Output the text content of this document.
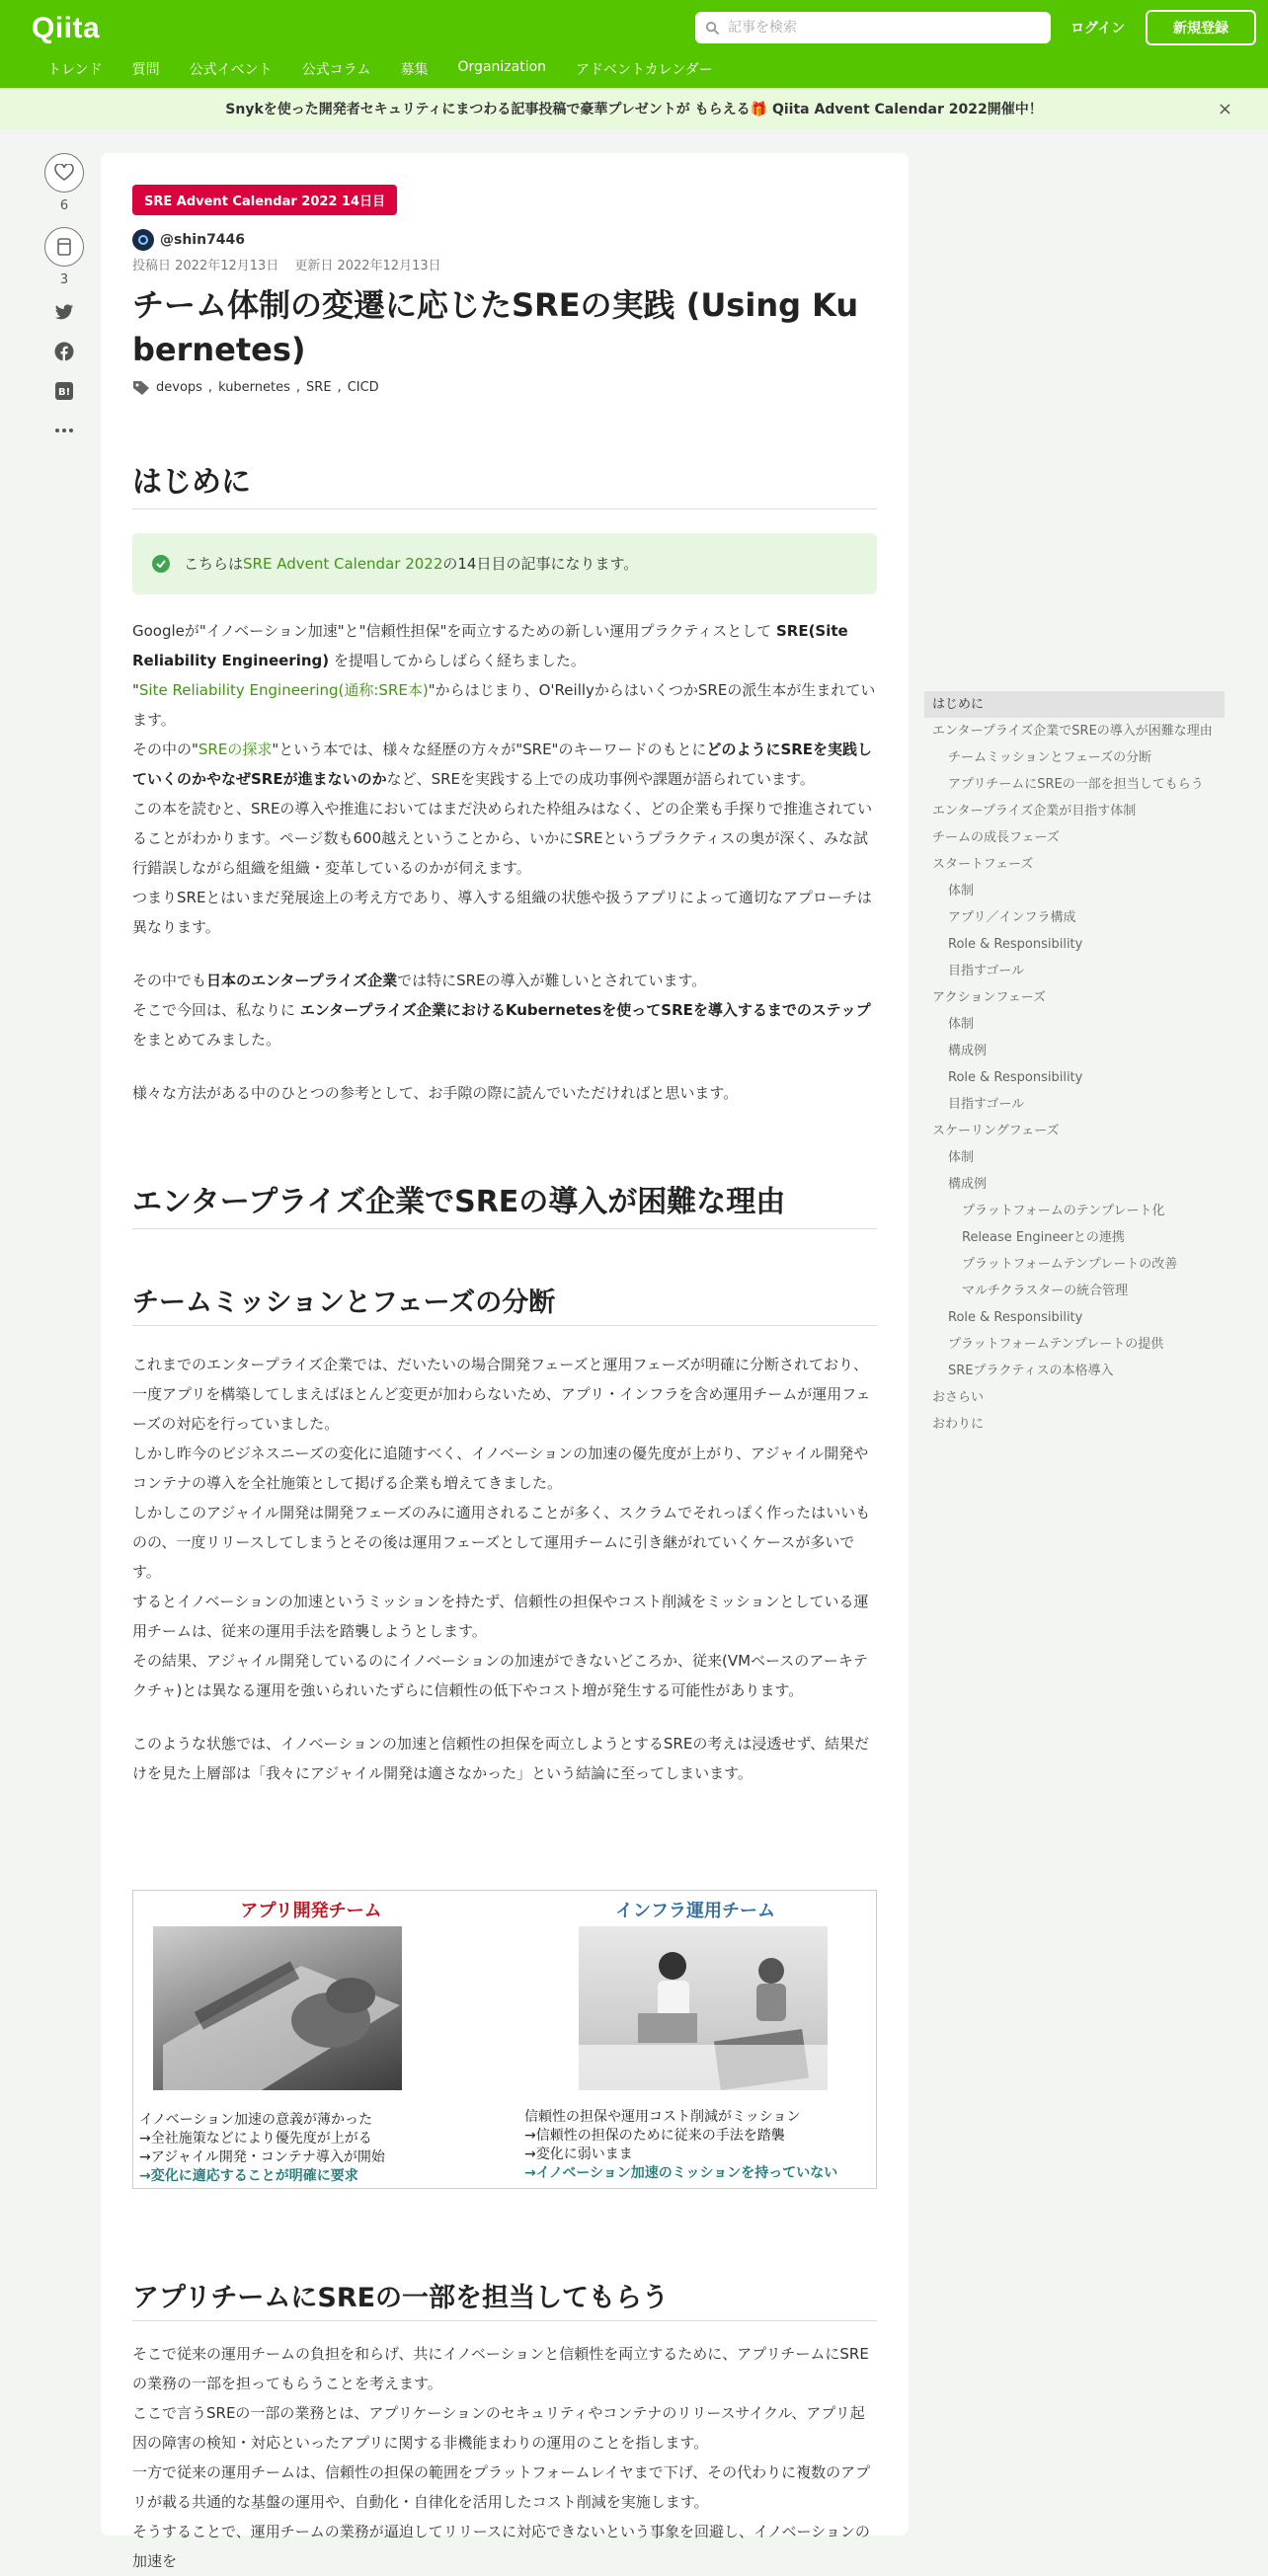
Qiita
記事を検索	ログイン	新規登録
トレンド 質問 公式イベント 公式コラム 募集 Organization アドベントカレンダー
Snykを使った開発者セキュリティにまつわる記事投稿で豪華プレゼントが もらえる🎁 Qiita Advent Calendar 2022開催中！	×
6
3
B!
SRE Advent Calendar 2022 14日目
@shin7446
投稿日 2022年12月13日 更新日 2022年12月13日
チーム体制の変遷に応じたSREの実践 (Using Kubernetes)
devops , kubernetes , SRE , CICD
はじめに
こちらはSRE Advent Calendar 2022の14日目の記事になります。

Googleが"イノベーション加速"と"信頼性担保"を両立するための新しい運用プラクティスとして SRE(Site Reliability Engineering) を提唱してからしばらく経ちました。

"Site Reliability Engineering(通称:SRE本)"からはじまり、O'ReillyからはいくつかSREの派生本が生まれています。

その中の"SREの探求"という本では、様々な経歴の方々が"SRE"のキーワードのもとにどのようにSREを実践していくのかやなぜSREが進まないのかなど、SREを実践する上での成功事例や課題が語られています。

この本を読むと、SREの導入や推進においてはまだ決められた枠組みはなく、どの企業も手探りで推進されていることがわかります。ページ数も600越えということから、いかにSREというプラクティスの奥が深く、みな試行錯誤しながら組織を組織・変革しているのかが伺えます。

つまりSREとはいまだ発展途上の考え方であり、導入する組織の状態や扱うアプリによって適切なアプローチは異なります。

その中でも日本のエンタープライズ企業では特にSREの導入が難しいとされています。

そこで今回は、私なりに エンタープライズ企業におけるKubernetesを使ってSREを導入するまでのステップ をまとめてみました。

様々な方法がある中のひとつの参考として、お手隙の際に読んでいただければと思います。

エンタープライズ企業でSREの導入が困難な理由
チームミッションとフェーズの分断

これまでのエンタープライズ企業では、だいたいの場合開発フェーズと運用フェーズが明確に分断されており、一度アプリを構築してしまえばほとんど変更が加わらないため、アプリ・インフラを含め運用チームが運用フェーズの対応を行っていました。

しかし昨今のビジネスニーズの変化に追随すべく、イノベーションの加速の優先度が上がり、アジャイル開発やコンテナの導入を全社施策として掲げる企業も増えてきました。

しかしこのアジャイル開発は開発フェーズのみに適用されることが多く、スクラムでそれっぽく作ったはいいものの、一度リリースしてしまうとその後は運用フェーズとして運用チームに引き継がれていくケースが多いです。

するとイノベーションの加速というミッションを持たず、信頼性の担保やコスト削減をミッションとしている運用チームは、従来の運用手法を踏襲しようとします。

その結果、アジャイル開発しているのにイノベーションの加速ができないどころか、従来(VMベースのアーキテクチャ)とは異なる運用を強いられいたずらに信頼性の低下やコスト増が発生する可能性があります。

このような状態では、イノベーションの加速と信頼性の担保を両立しようとするSREの考えは浸透せず、結果だけを見た上層部は「我々にアジャイル開発は適さなかった」という結論に至ってしまいます。

アプリ開発チーム
イノベーション加速の意義が薄かった
→全社施策などにより優先度が上がる
→アジャイル開発・コンテナ導入が開始
→変化に適応することが明確に要求
インフラ運用チーム
信頼性の担保や運用コスト削減がミッション
→信頼性の担保のために従来の手法を踏襲
→変化に弱いまま
→イノベーション加速のミッションを持っていない
アプリチームにSREの一部を担当してもらう

そこで従来の運用チームの負担を和らげ、共にイノベーションと信頼性を両立するために、アプリチームにSREの業務の一部を担ってもらうことを考えます。

ここで言うSREの一部の業務とは、アプリケーションのセキュリティやコンテナのリリースサイクル、アプリ起因の障害の検知・対応といったアプリに関する非機能まわりの運用のことを指します。

一方で従来の運用チームは、信頼性の担保の範囲をプラットフォームレイヤまで下げ、その代わりに複数のアプリが載る共通的な基盤の運用や、自動化・自律化を活用したコスト削減を実施します。

そうすることで、運用チームの業務が逼迫してリリースに対応できないという事象を回避し、イノベーションの加速を

はじめに
エンタープライズ企業でSREの導入が困難な理由
チームミッションとフェーズの分断
アプリチームにSREの一部を担当してもらう
エンタープライズ企業が目指す体制
チームの成長フェーズ
スタートフェーズ
体制
アプリ／インフラ構成
Role & Responsibility
目指すゴール
アクションフェーズ
体制
構成例
Role & Responsibility
目指すゴール
スケーリングフェーズ
体制
構成例
プラットフォームのテンプレート化
Release Engineerとの連携
プラットフォームテンプレートの改善
マルチクラスターの統合管理
Role & Responsibility
プラットフォームテンプレートの提供
SREプラクティスの本格導入
おさらい
おわりに
